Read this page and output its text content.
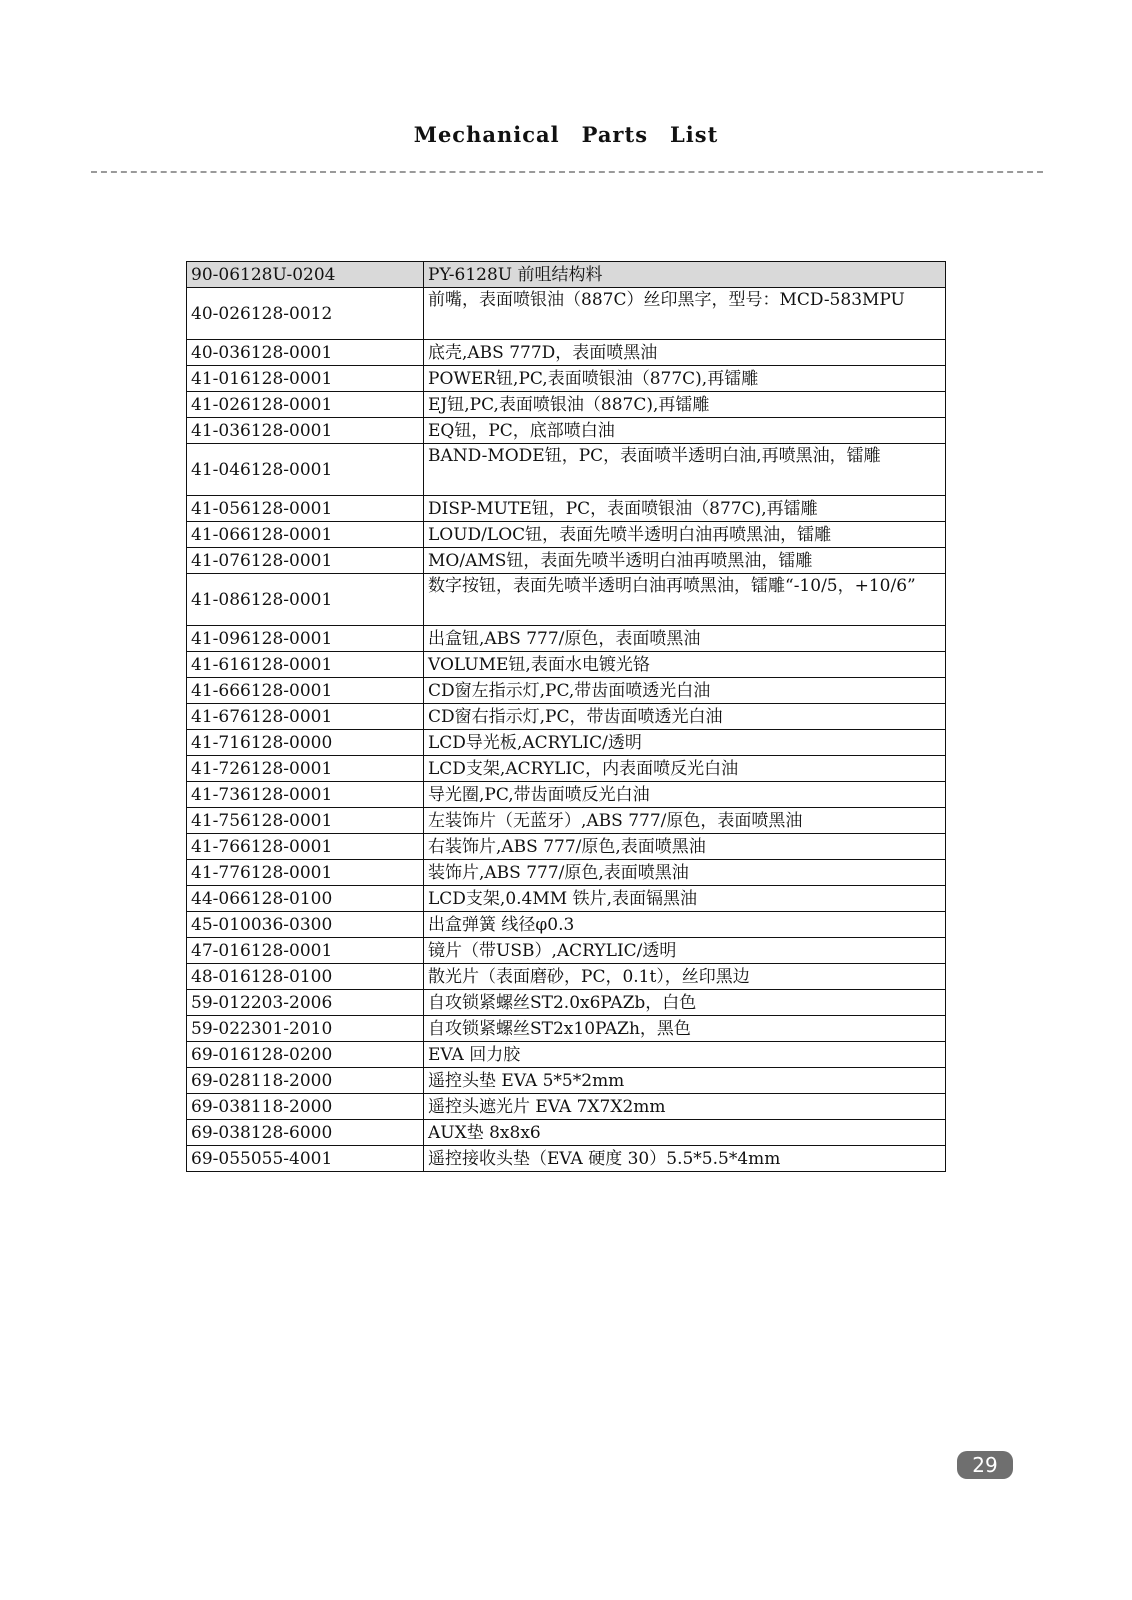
Mechanical Parts List
90-06128U-0204	PY-6128U 前咀结构料
40-026128-0012	前嘴，表面喷银油（887C）丝印黑字，型号：MCD-583MPU
40-036128-0001	底壳,ABS 777D，表面喷黑油
41-016128-0001	POWER钮,PC,表面喷银油（877C),再镭雕
41-026128-0001	EJ钮,PC,表面喷银油（887C),再镭雕
41-036128-0001	EQ钮，PC，底部喷白油
41-046128-0001	BAND-MODE钮，PC，表面喷半透明白油,再喷黑油，镭雕
41-056128-0001	DISP-MUTE钮，PC，表面喷银油（877C),再镭雕
41-066128-0001	LOUD/LOC钮，表面先喷半透明白油再喷黑油，镭雕
41-076128-0001	MO/AMS钮，表面先喷半透明白油再喷黑油，镭雕
41-086128-0001	数字按钮，表面先喷半透明白油再喷黑油，镭雕“-10/5，+10/6”
41-096128-0001	出盒钮,ABS 777/原色，表面喷黑油
41-616128-0001	VOLUME钮,表面水电镀光铬
41-666128-0001	CD窗左指示灯,PC,带齿面喷透光白油
41-676128-0001	CD窗右指示灯,PC，带齿面喷透光白油
41-716128-0000	LCD导光板,ACRYLIC/透明
41-726128-0001	LCD支架,ACRYLIC，内表面喷反光白油
41-736128-0001	导光圈,PC,带齿面喷反光白油
41-756128-0001	左装饰片（无蓝牙）,ABS 777/原色，表面喷黑油
41-766128-0001	右装饰片,ABS 777/原色,表面喷黑油
41-776128-0001	装饰片,ABS 777/原色,表面喷黑油
44-066128-0100	LCD支架,0.4MM 铁片,表面镉黑油
45-010036-0300	出盒弹簧 线径φ0.3
47-016128-0001	镜片（带USB）,ACRYLIC/透明
48-016128-0100	散光片（表面磨砂，PC，0.1t），丝印黑边
59-012203-2006	自攻锁紧螺丝ST2.0x6PAZb，白色
59-022301-2010	自攻锁紧螺丝ST2x10PAZh，黑色
69-016128-0200	EVA 回力胶
69-028118-2000	遥控头垫 EVA 5*5*2mm
69-038118-2000	遥控头遮光片 EVA 7X7X2mm
69-038128-6000	AUX垫 8x8x6
69-055055-4001	遥控接收头垫（EVA 硬度 30）5.5*5.5*4mm
29
